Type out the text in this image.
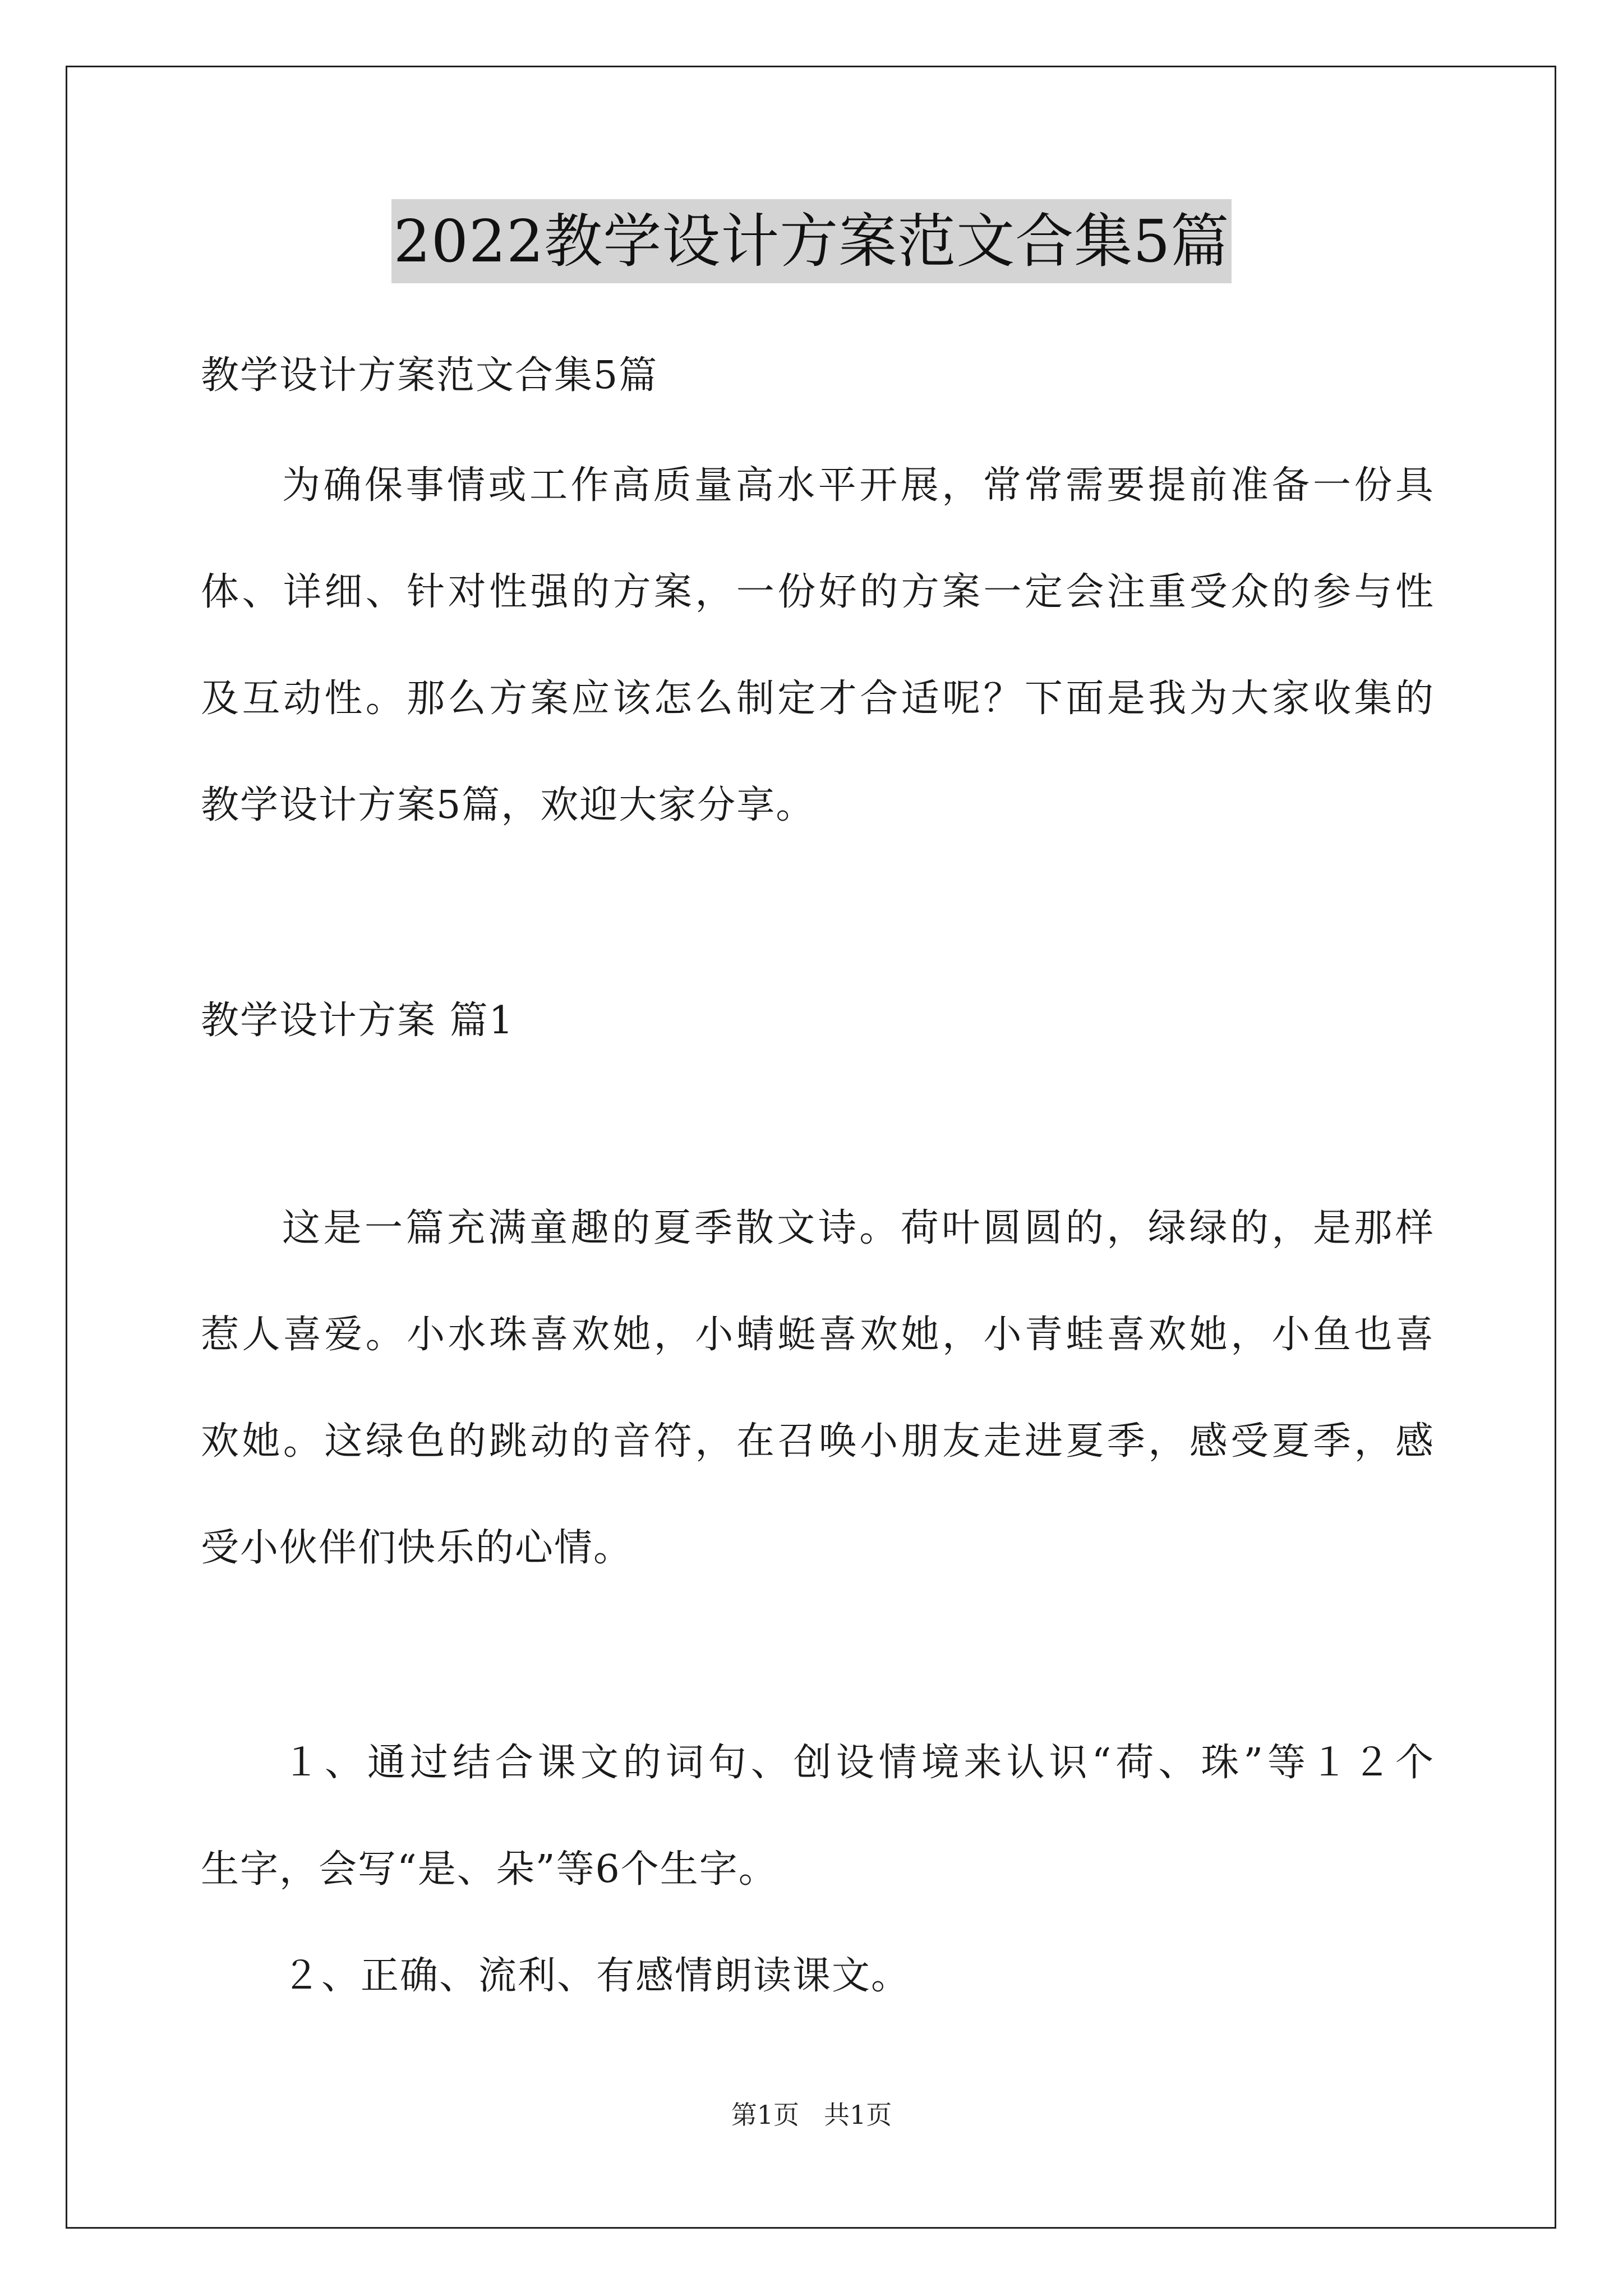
2022教学设计方案范文合集5篇
教学设计方案范文合集5篇
为确保事情或工作高质量高水平开展，常常需要提前准备一份具
体、详细、针对性强的方案，一份好的方案一定会注重受众的参与性
及互动性。那么方案应该怎么制定才合适呢？下面是我为大家收集的
教学设计方案5篇，欢迎大家分享。
教学设计方案 篇1
这是一篇充满童趣的夏季散文诗。荷叶圆圆的，绿绿的，是那样
惹人喜爱。小水珠喜欢她，小蜻蜓喜欢她，小青蛙喜欢她，小鱼也喜
欢她。这绿色的跳动的音符，在召唤小朋友走进夏季，感受夏季，感
受小伙伴们快乐的心情。
１、通过结合课文的词句、创设情境来认识“荷、珠”等１２个
生字，会写“是、朵”等6个生字。
２、正确、流利、有感情朗读课文。
第1页 共1页
